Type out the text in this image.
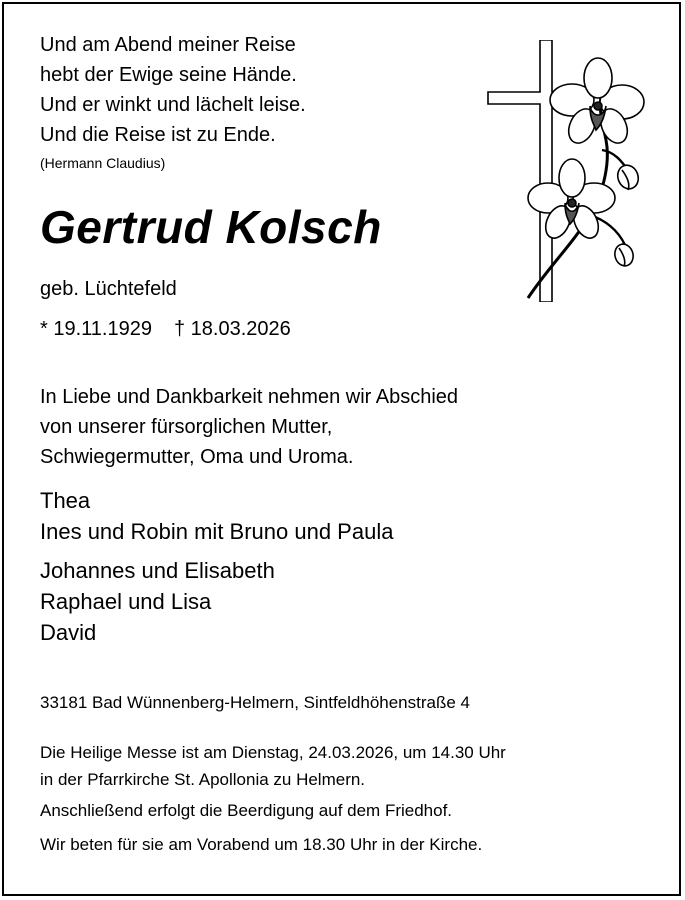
Und am Abend meiner Reise
hebt der Ewige seine Hände.
Und er winkt und lächelt leise.
Und die Reise ist zu Ende.
(Hermann Claudius)
Gertrud Kolsch
geb. Lüchtefeld
* 19.11.1929 † 18.03.2026
In Liebe und Dankbarkeit nehmen wir Abschied
von unserer fürsorglichen Mutter,
Schwiegermutter, Oma und Uroma.
Thea
Ines und Robin mit Bruno und Paula
Johannes und Elisabeth
Raphael und Lisa
David
33181 Bad Wünnenberg-Helmern, Sintfeldhöhenstraße 4
Die Heilige Messe ist am Dienstag, 24.03.2026, um 14.30 Uhr
in der Pfarrkirche St. Apollonia zu Helmern.
Anschließend erfolgt die Beerdigung auf dem Friedhof.
Wir beten für sie am Vorabend um 18.30 Uhr in der Kirche.
